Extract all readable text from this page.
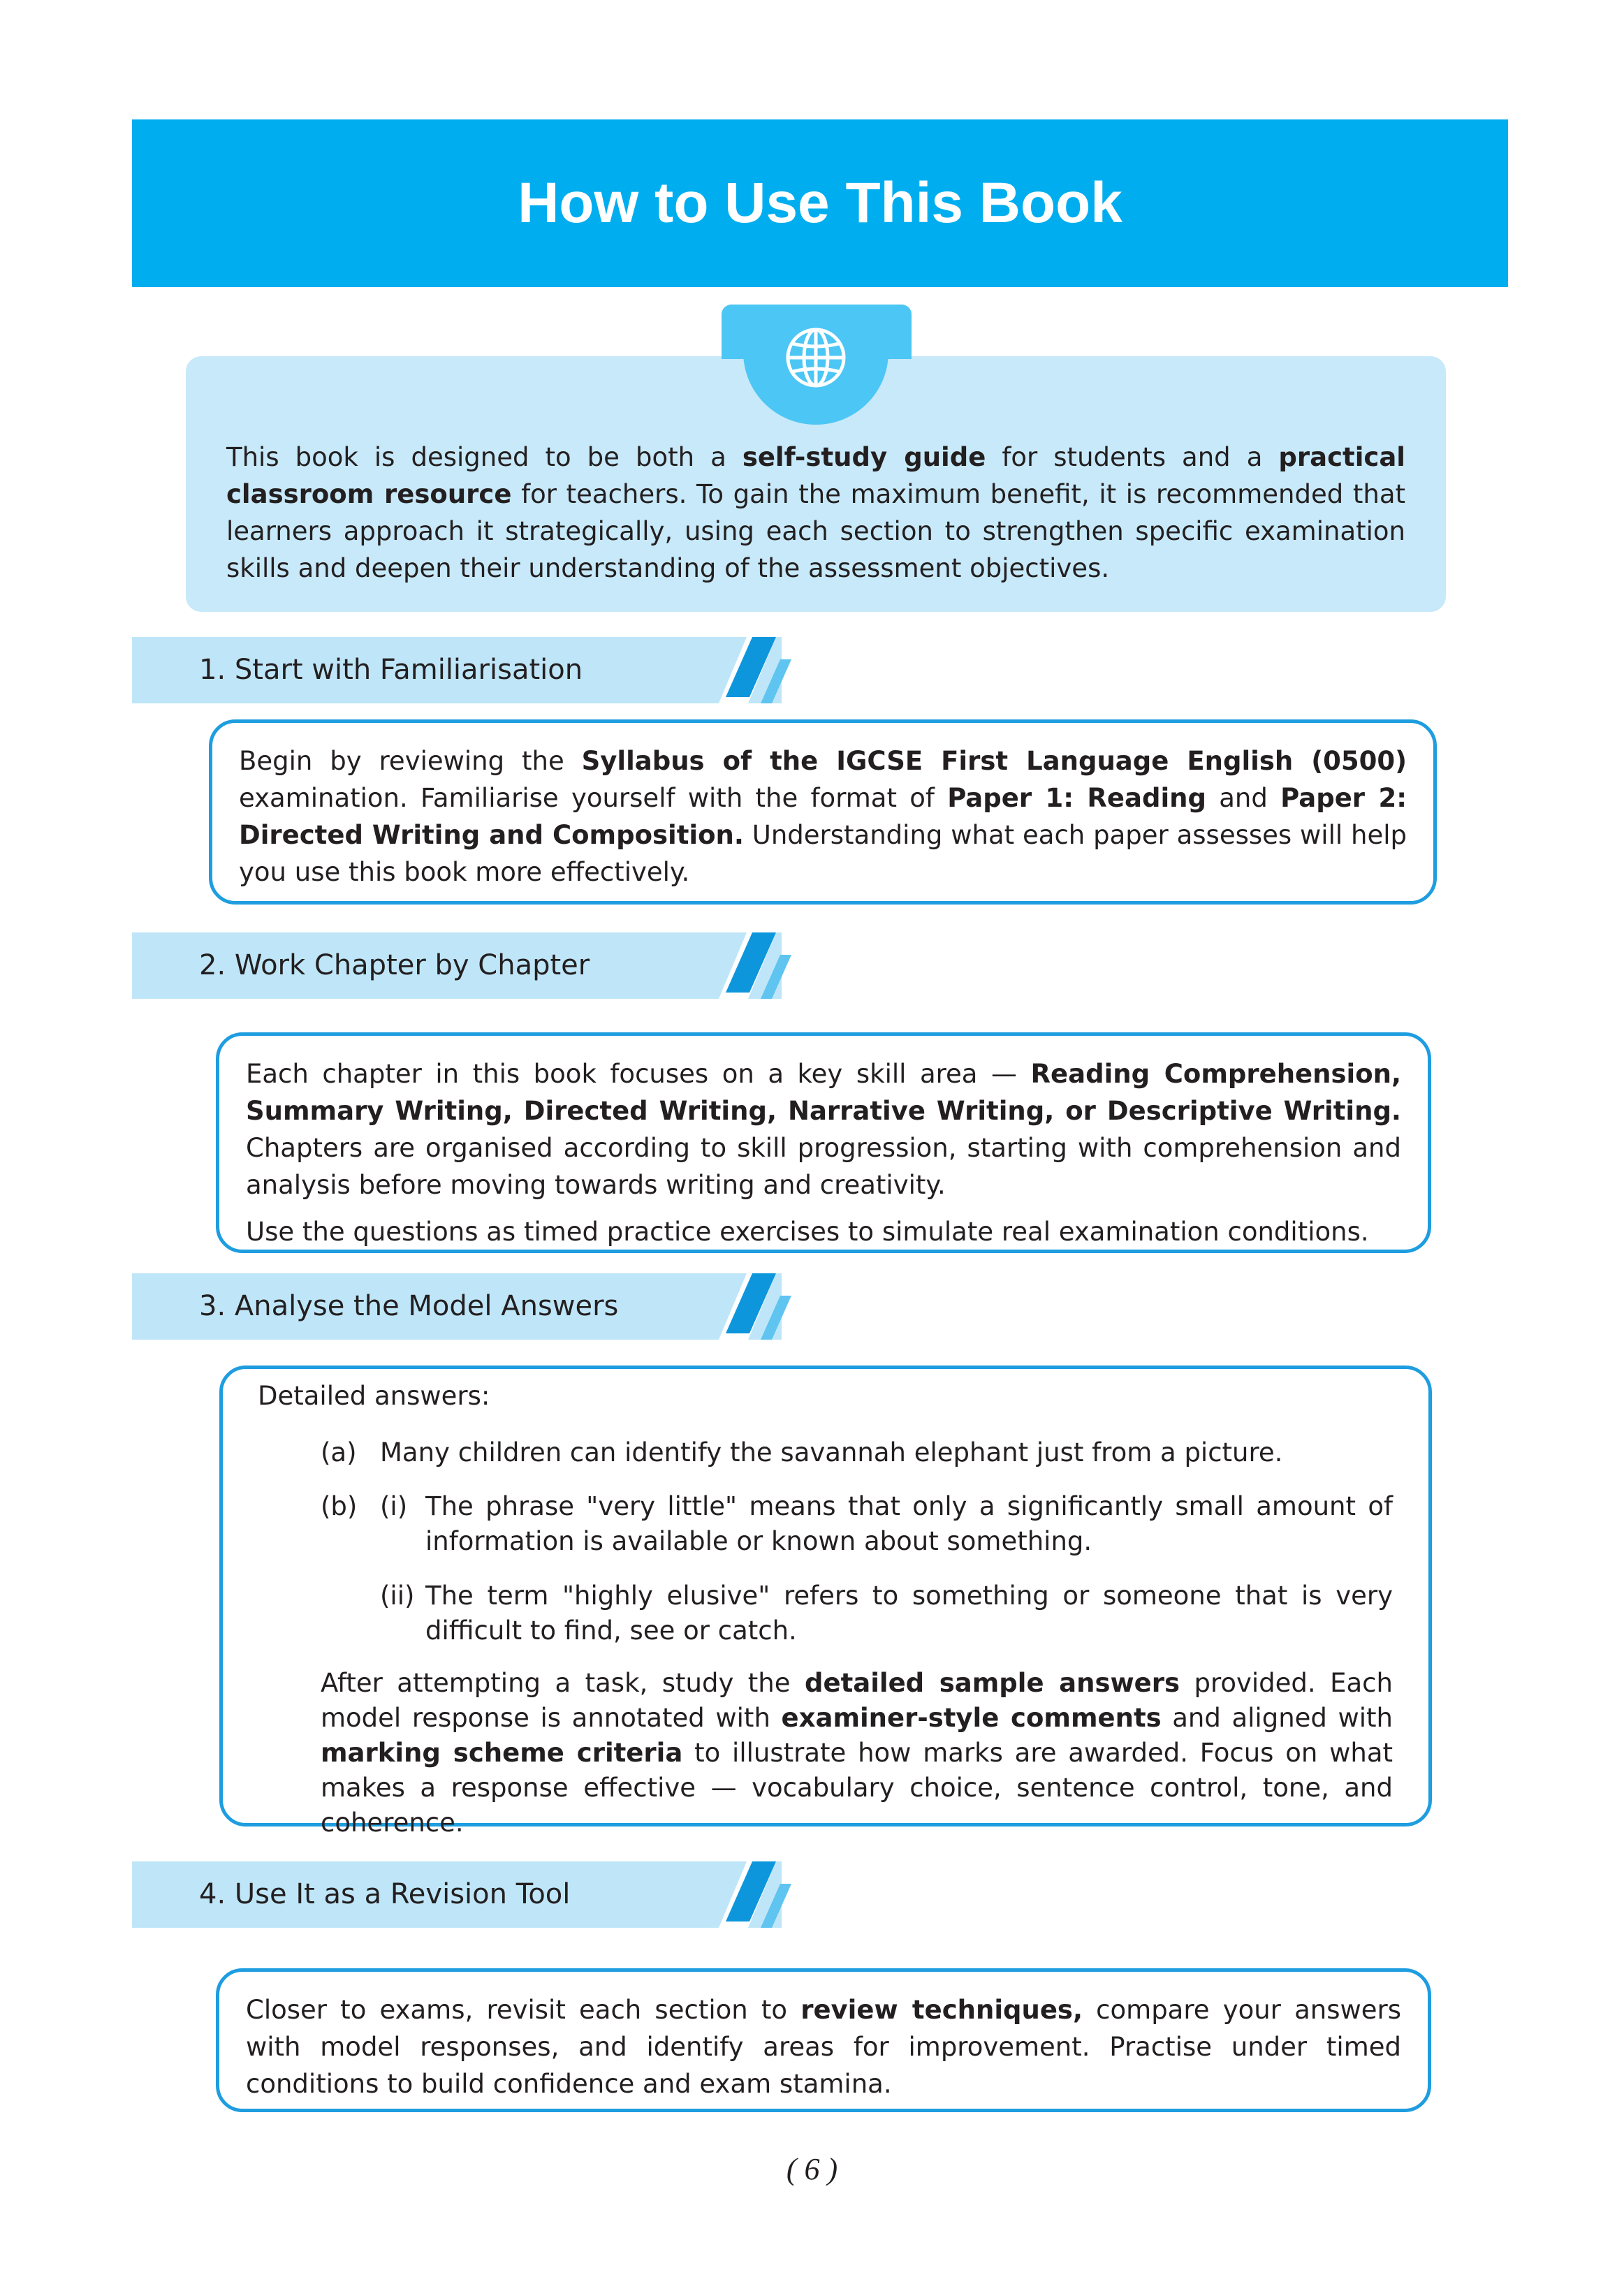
How to Use This Book

This book is designed to be both a self-study guide for students and a practical classroom resource for teachers. To gain the maximum benefit, it is recommended that learners approach it strategically, using each section to strengthen specific examination skills and deepen their understanding of the assessment objectives.

1. Start with Familiarisation

Begin by reviewing the Syllabus of the IGCSE First Language English (0500) examination. Familiarise yourself with the format of Paper 1: Reading and Paper 2: Directed Writing and Composition. Understanding what each paper assesses will help you use this book more effectively.

2. Work Chapter by Chapter

Each chapter in this book focuses on a key skill area — Reading Comprehension, Summary Writing, Directed Writing, Narrative Writing, or Descriptive Writing. Chapters are organised according to skill progression, starting with comprehension and analysis before moving towards writing and creativity.

Use the questions as timed practice exercises to simulate real examination conditions.

3. Analyse the Model Answers
Detailed answers:
(a) Many children can identify the savannah elephant just from a picture.
(b) (i) The phrase "very little" means that only a significantly small amount of information is available or known about something.
(ii) The term "highly elusive" refers to something or someone that is very difficult to find, see or catch.

After attempting a task, study the detailed sample answers provided. Each model response is annotated with examiner-style comments and aligned with marking scheme criteria to illustrate how marks are awarded. Focus on what makes a response effective — vocabulary choice, sentence control, tone, and coherence.

4. Use It as a Revision Tool

Closer to exams, revisit each section to review techniques, compare your answers with model responses, and identify areas for improvement. Practise under timed conditions to build confidence and exam stamina.

( 6 )
